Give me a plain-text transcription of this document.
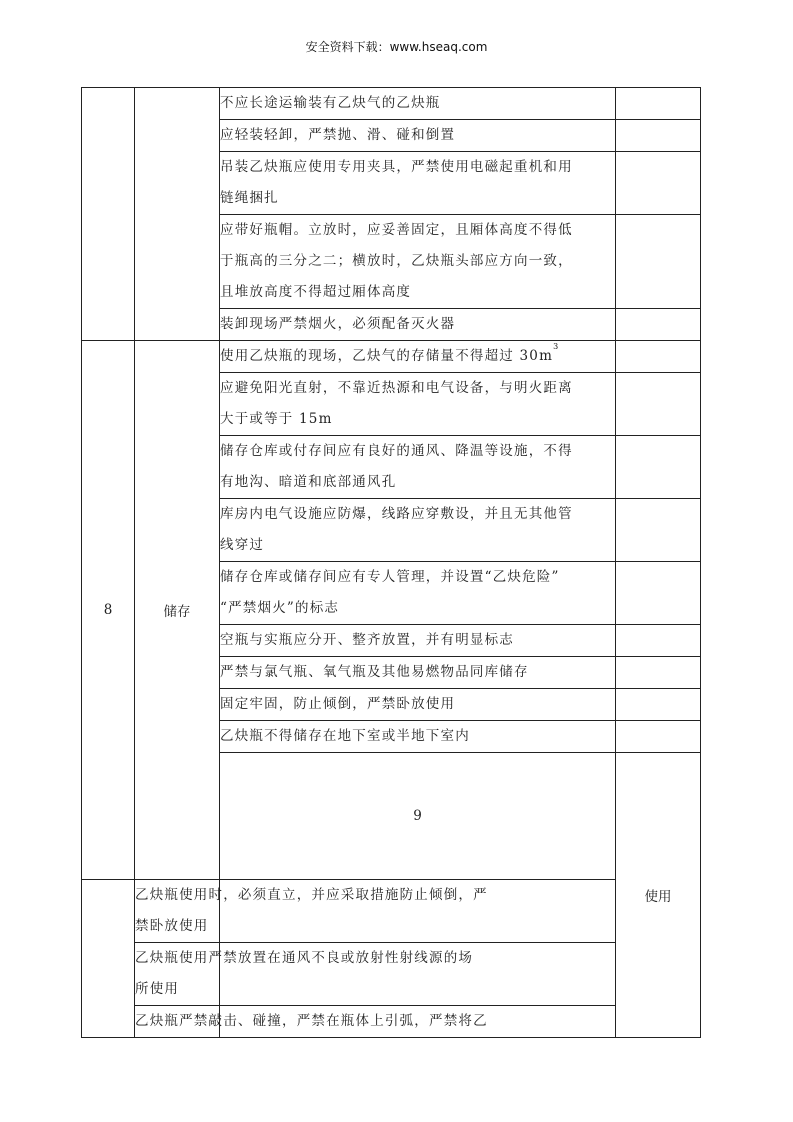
安全资料下载：www.hseaq.com
		不应长途运输装有乙炔气的乙炔瓶		
		应轻装轻卸，严禁抛、滑、碰和倒置		
		吊装乙炔瓶应使用专用夹具，严禁使用电磁起重机和用
链绳捆扎		
		应带好瓶帽。立放时，应妥善固定，且厢体高度不得低
于瓶高的三分之二；横放时，乙炔瓶头部应方向一致，
且堆放高度不得超过厢体高度		
		装卸现场严禁烟火，必须配备灭火器		
8	储存	使用乙炔瓶的现场，乙炔气的存储量不得超过 $30m^3$	
		应避免阳光直射，不靠近热源和电气设备，与明火距离
大于或等于 15m		
		储存仓库或付存间应有良好的通风、降温等设施，不得
有地沟、暗道和底部通风孔		
		库房内电气设施应防爆，线路应穿敷设，并且无其他管
线穿过		
		储存仓库或储存间应有专人管理，并设置“乙炔危险”
“严禁烟火”的标志		
		空瓶与实瓶应分开、整齐放置，并有明显标志		
		严禁与氯气瓶、氧气瓶及其他易燃物品同库储存		
		固定牢固，防止倾倒，严禁卧放使用		
		乙炔瓶不得储存在地下室或半地下室内		
		9	使用		

	乙炔瓶使用时，必须直立，并应采取措施防止倾倒，严
禁卧放使用			
	乙炔瓶使用严禁放置在通风不良或放射性射线源的场
所使用			
	乙炔瓶严禁敲击、碰撞，严禁在瓶体上引弧，严禁将乙			
